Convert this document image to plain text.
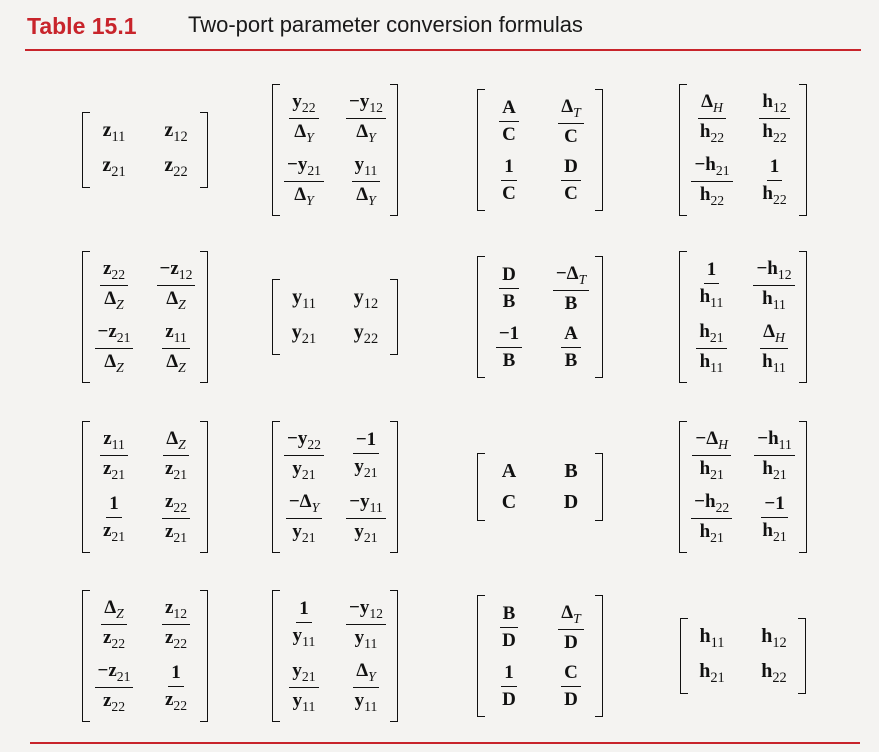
Table 15.1 Two-port parameter conversion formulas
$z_{11}$ $z_{12}$
$z_{21}$ $z_{22}$
$\frac{y_{22}}{\Delta_Y} \frac{-y_{12}}{\Delta_Y}$
$\frac{-y_{21}}{\Delta_Y} \frac{y_{11}}{\Delta_Y}$
$\frac{A}{C} \frac{\Delta_T}{C}$
$\frac{1}{C} \frac{D}{C}$
$\frac{\Delta_H}{h_{22}} \frac{h_{12}}{h_{22}}$
$\frac{-h_{21}}{h_{22}} \frac{1}{h_{22}}$
$\frac{z_{22}}{\Delta_Z} \frac{-z_{12}}{\Delta_Z}$
$\frac{-z_{21}}{\Delta_Z} \frac{z_{11}}{\Delta_Z}$
$y_{11}$ $y_{12}$
$y_{21}$ $y_{22}$
$\frac{D}{B} \frac{-\Delta_T}{B}$
$\frac{-1}{B} \frac{A}{B}$
$\frac{1}{h_{11}} \frac{-h_{12}}{h_{11}}$
$\frac{h_{21}}{h_{11}} \frac{\Delta_H}{h_{11}}$
$\frac{z_{11}}{z_{21}} \frac{\Delta_Z}{z_{21}}$
$\frac{1}{z_{21}} \frac{z_{22}}{z_{21}}$
$\frac{-y_{22}}{y_{21}} \frac{-1}{y_{21}}$
$\frac{-\Delta_Y}{y_{21}} \frac{-y_{11}}{y_{21}}$
A B
C D
$\frac{-\Delta_H}{h_{21}} \frac{-h_{11}}{h_{21}}$
$\frac{-h_{22}}{h_{21}} \frac{-1}{h_{21}}$
$\frac{\Delta_Z}{z_{22}} \frac{z_{12}}{z_{22}}$
$\frac{-z_{21}}{z_{22}} \frac{1}{z_{22}}$
$\frac{1}{y_{11}} \frac{-y_{12}}{y_{11}}$
$\frac{y_{21}}{y_{11}} \frac{\Delta_Y}{y_{11}}$
$\frac{B}{D} \frac{\Delta_T}{D}$
$\frac{1}{D} \frac{C}{D}$
$h_{11}$ $h_{12}$
$h_{21}$ $h_{22}$
